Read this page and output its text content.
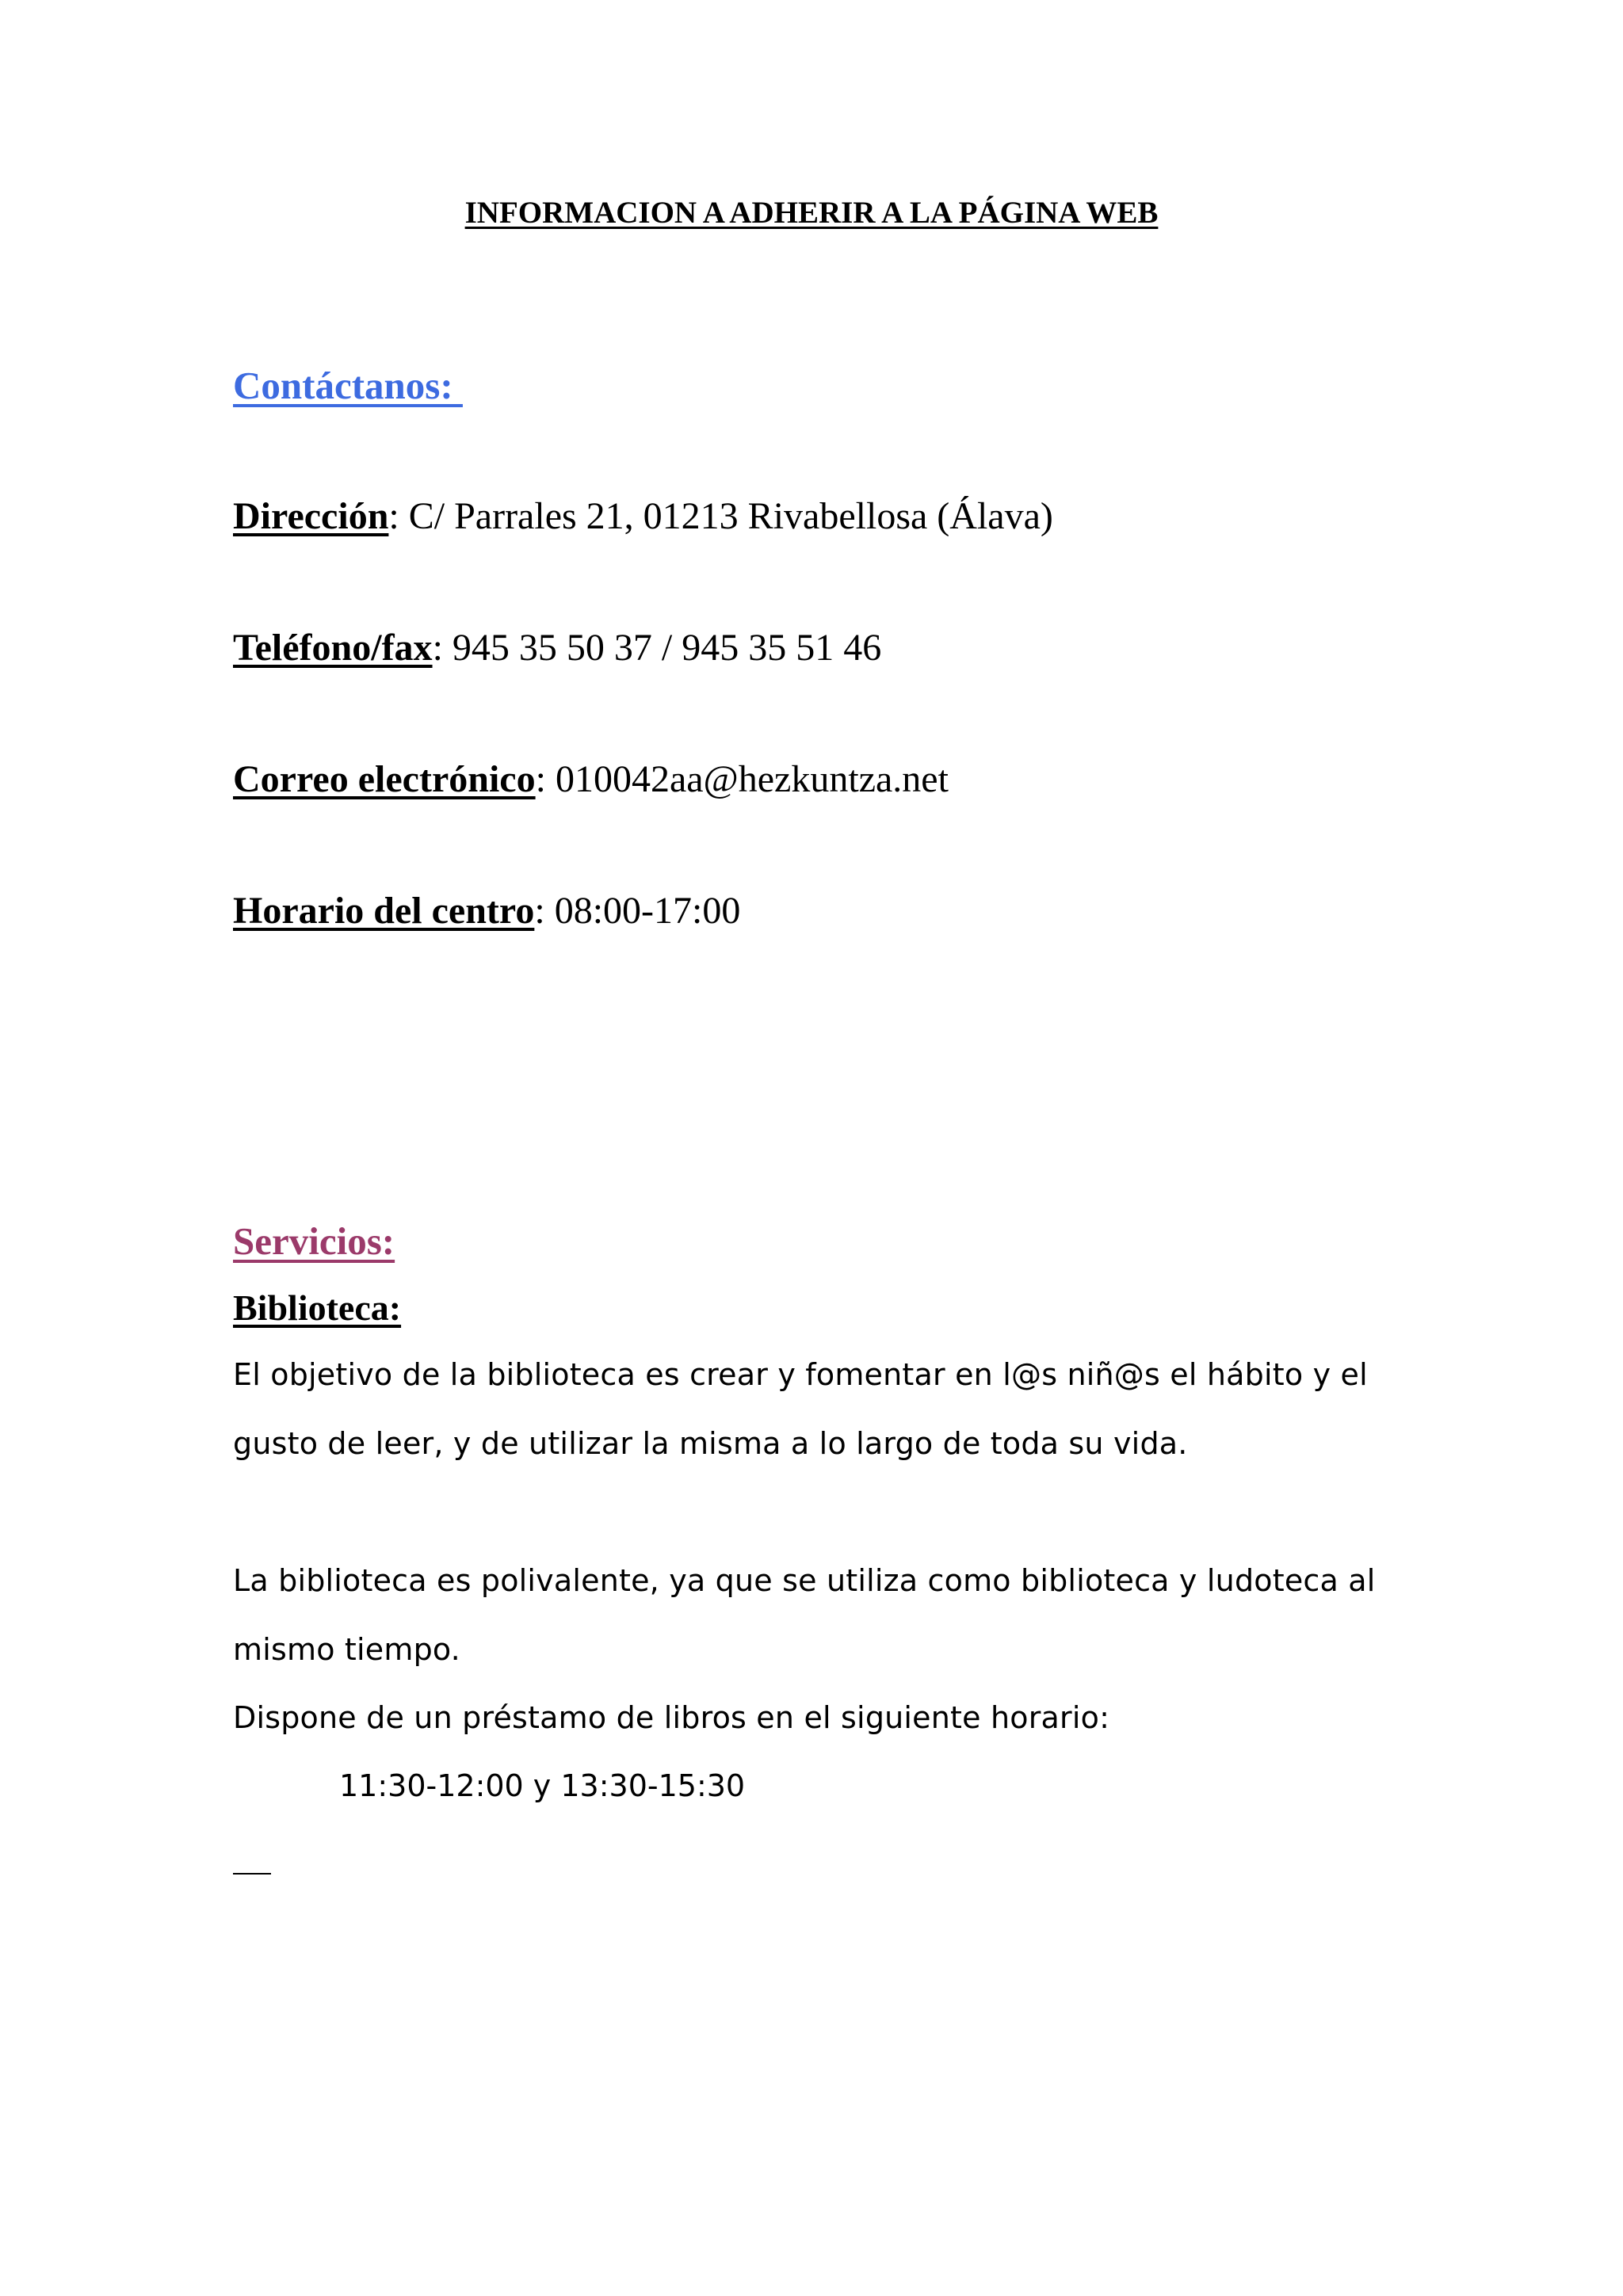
INFORMACION A ADHERIR A LA PÁGINA WEB
Contáctanos:
Dirección: C/ Parrales 21, 01213 Rivabellosa (Álava)
Teléfono/fax: 945 35 50 37 / 945 35 51 46
Correo electrónico: 010042aa@hezkuntza.net
Horario del centro: 08:00-17:00
Servicios:
Biblioteca:
El objetivo de la biblioteca es crear y fomentar en l@s niñ@s el hábito y el
gusto de leer, y de utilizar la misma a lo largo de toda su vida.
La biblioteca es polivalente, ya que se utiliza como biblioteca y ludoteca al
mismo tiempo.
Dispone de un préstamo de libros en el siguiente horario:
11:30-12:00 y 13:30-15:30
